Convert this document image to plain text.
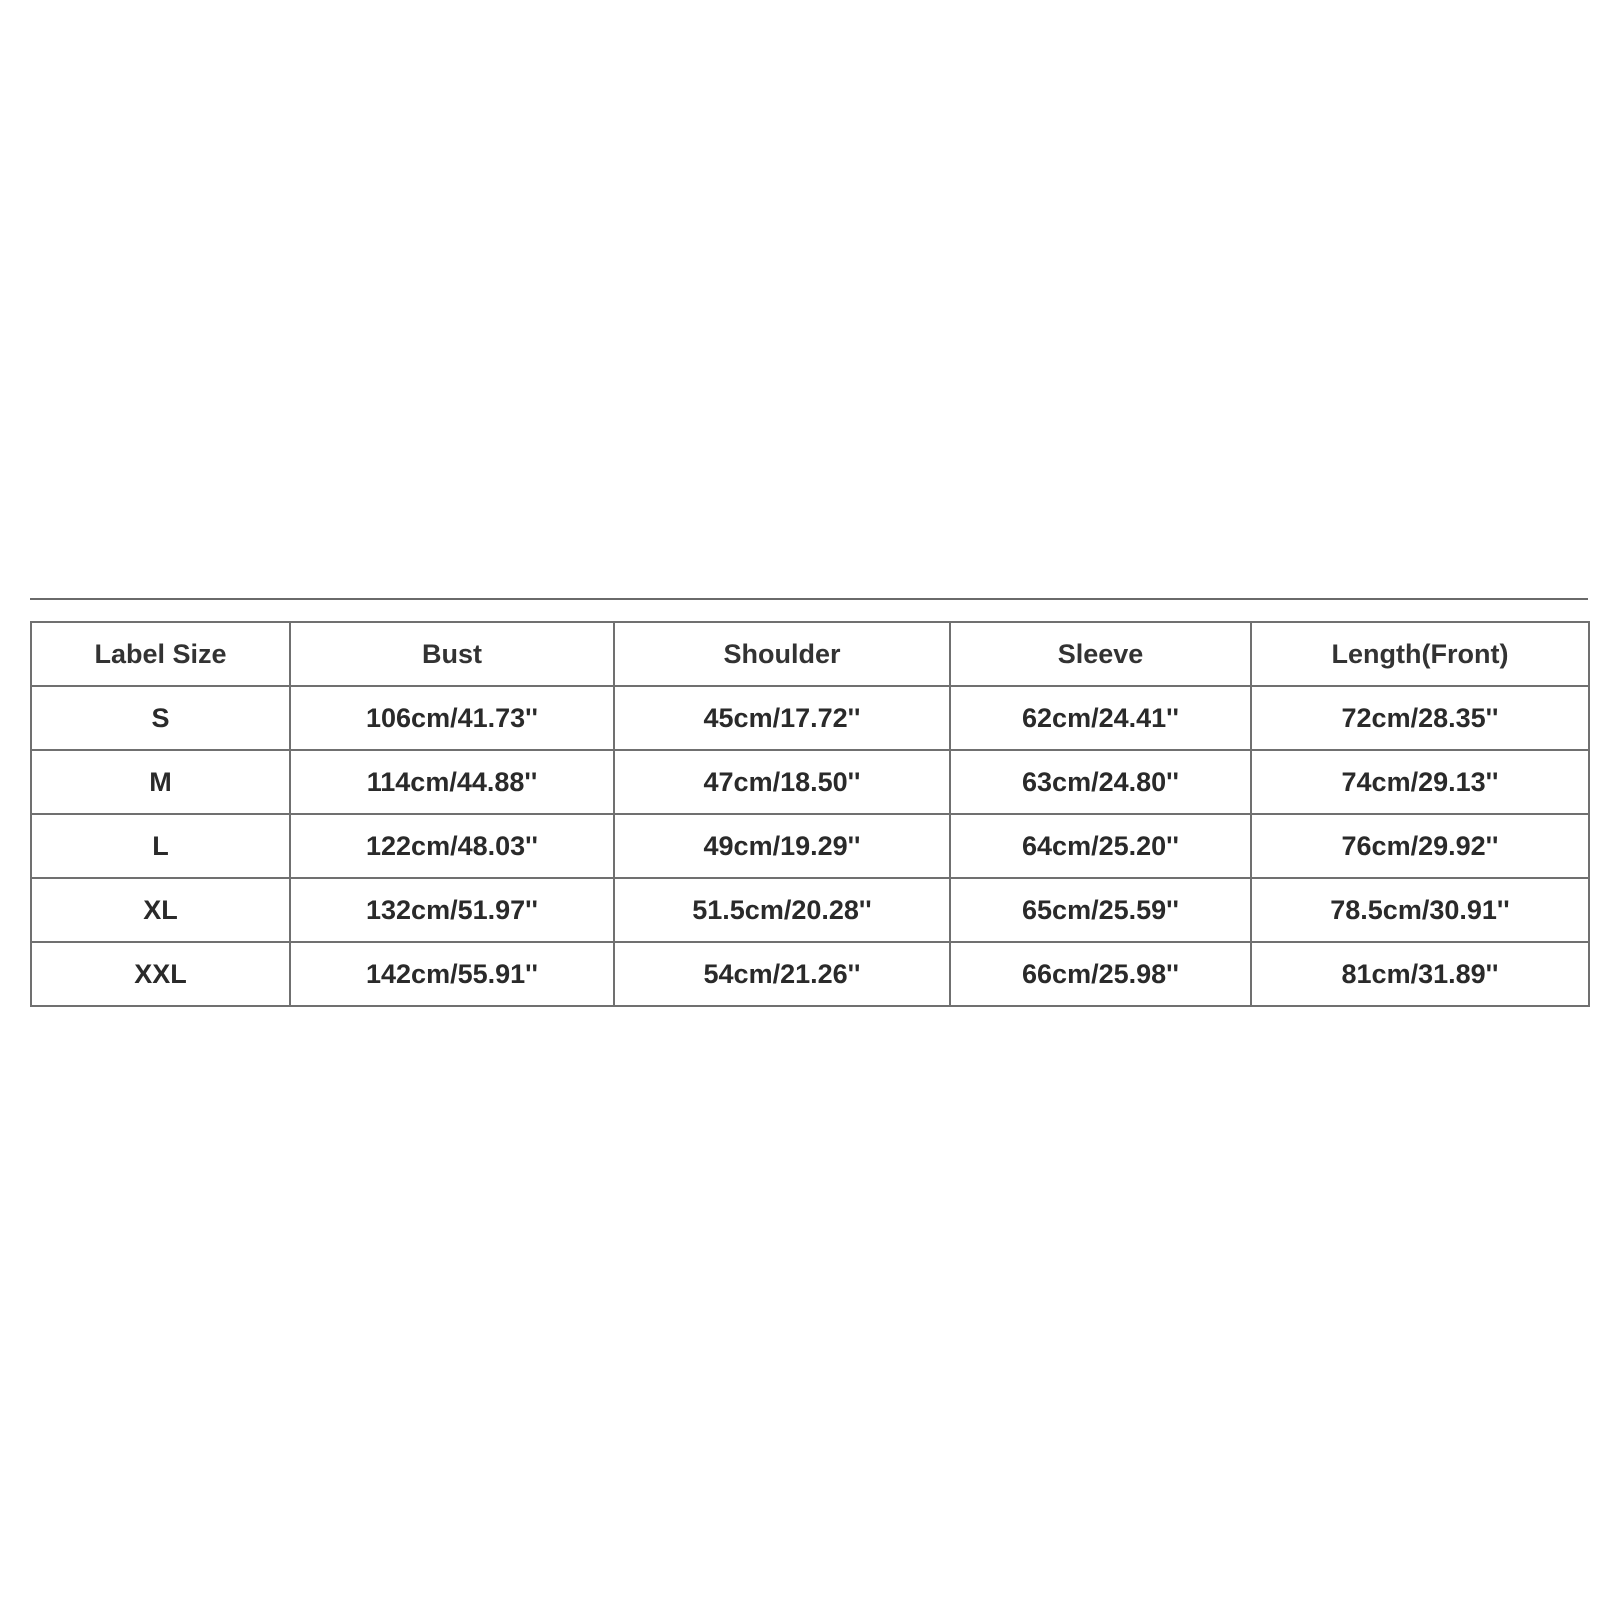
Label Size	Bust	Shoulder	Sleeve	Length(Front)
S	106cm/41.73''	45cm/17.72''	62cm/24.41''	72cm/28.35''
M	114cm/44.88''	47cm/18.50''	63cm/24.80''	74cm/29.13''
L	122cm/48.03''	49cm/19.29''	64cm/25.20''	76cm/29.92''
XL	132cm/51.97''	51.5cm/20.28''	65cm/25.59''	78.5cm/30.91''
XXL	142cm/55.91''	54cm/21.26''	66cm/25.98''	81cm/31.89''
